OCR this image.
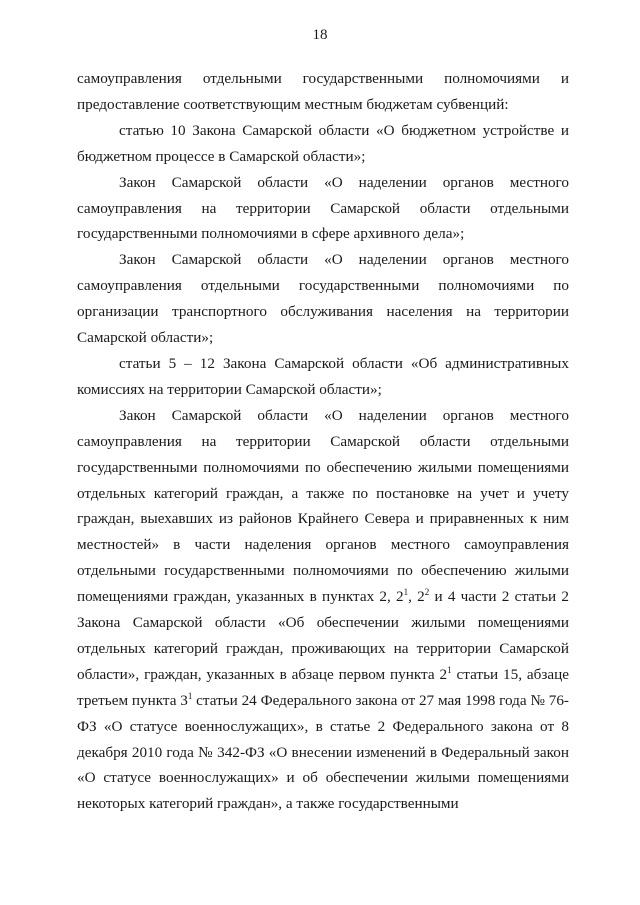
18

самоуправления отдельными государственными полномочиями и предоставление соответствующим местным бюджетам субвенций:

статью 10 Закона Самарской области «О бюджетном устройстве и бюджетном процессе в Самарской области»;

Закон Самарской области «О наделении органов местного самоуправления на территории Самарской области отдельными государственными полномочиями в сфере архивного дела»;

Закон Самарской области «О наделении органов местного самоуправления отдельными государственными полномочиями по организации транспортного обслуживания населения на территории Самарской области»;

статьи 5 – 12 Закона Самарской области «Об административных комиссиях на территории Самарской области»;

Закон Самарской области «О наделении органов местного самоуправления на территории Самарской области отдельными государственными полномочиями по обеспечению жилыми помещениями отдельных категорий граждан, а также по постановке на учет и учету граждан, выехавших из районов Крайнего Севера и приравненных к ним местностей» в части наделения органов местного самоуправления отдельными государственными полномочиями по обеспечению жилыми помещениями граждан, указанных в пунктах 2, $2^1$, $2^2$ и 4 части 2 статьи 2 Закона Самарской области «Об обеспечении жилыми помещениями отдельных категорий граждан, проживающих на территории Самарской области», граждан, указанных в абзаце первом пункта $2^1$ статьи 15, абзаце третьем пункта $3^1$ статьи 24 Федерального закона от 27 мая 1998 года № 76-ФЗ «О статусе военнослужащих», в статье 2 Федерального закона от 8 декабря 2010 года № 342-ФЗ «О внесении изменений в Федеральный закон «О статусе военнослужащих» и об обеспечении жилыми помещениями некоторых категорий граждан», а также государственными
